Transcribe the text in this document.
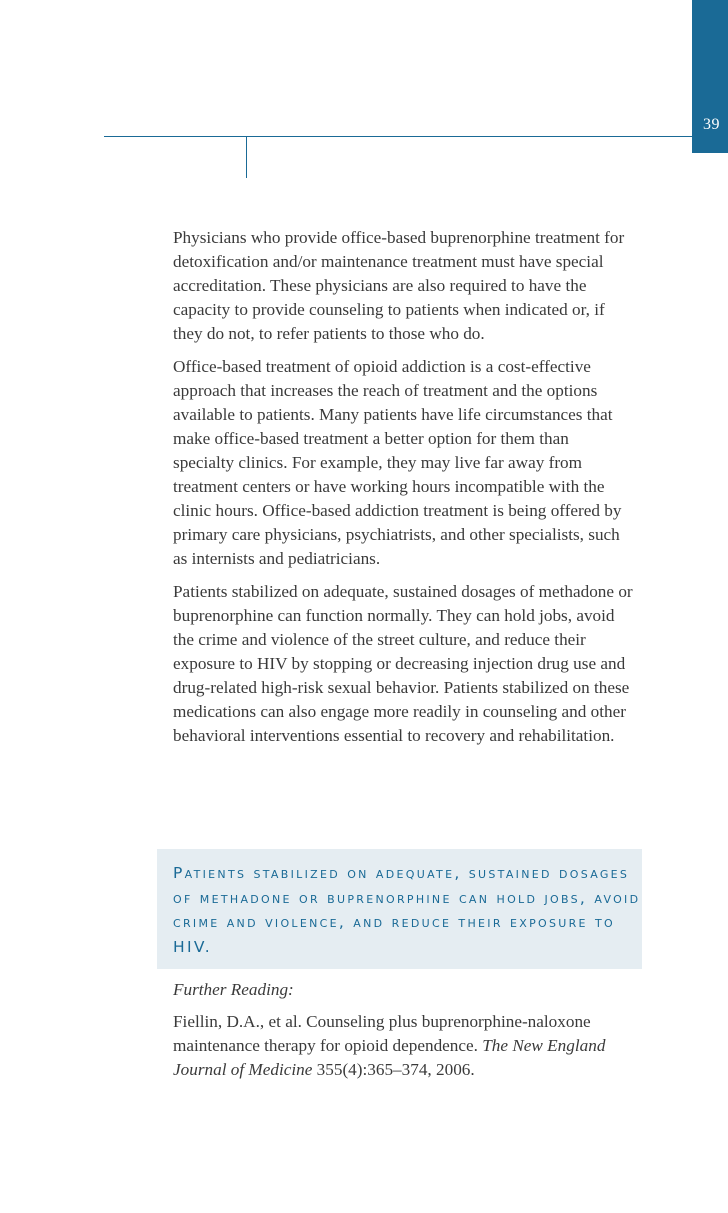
39

Physicians who provide office-based buprenorphine treatment for detoxification and/or maintenance treatment must have special accreditation. These physicians are also required to have the capacity to provide counseling to patients when indicated or, if they do not, to refer patients to those who do.

Office-based treatment of opioid addiction is a cost-effective approach that increases the reach of treatment and the options available to patients. Many patients have life circumstances that make office-based treatment a better option for them than specialty clinics. For example, they may live far away from treatment centers or have working hours incompatible with the clinic hours. Office-based addiction treatment is being offered by primary care physicians, psychiatrists, and other specialists, such as internists and pediatricians.

Patients stabilized on adequate, sustained dosages of methadone or buprenorphine can function normally. They can hold jobs, avoid the crime and violence of the street culture, and reduce their exposure to HIV by stopping or decreasing injection drug use and drug-related high-risk sexual behavior. Patients stabilized on these medications can also engage more readily in counseling and other behavioral interventions essential to recovery and rehabilitation.

Patients stabilized on adequate, sustained dosages of methadone or buprenorphine can hold jobs, avoid crime and violence, and reduce their exposure to HIV.

Further Reading:

Fiellin, D.A., et al. Counseling plus buprenorphine-naloxone maintenance therapy for opioid dependence. The New England Journal of Medicine 355(4):365–374, 2006.
